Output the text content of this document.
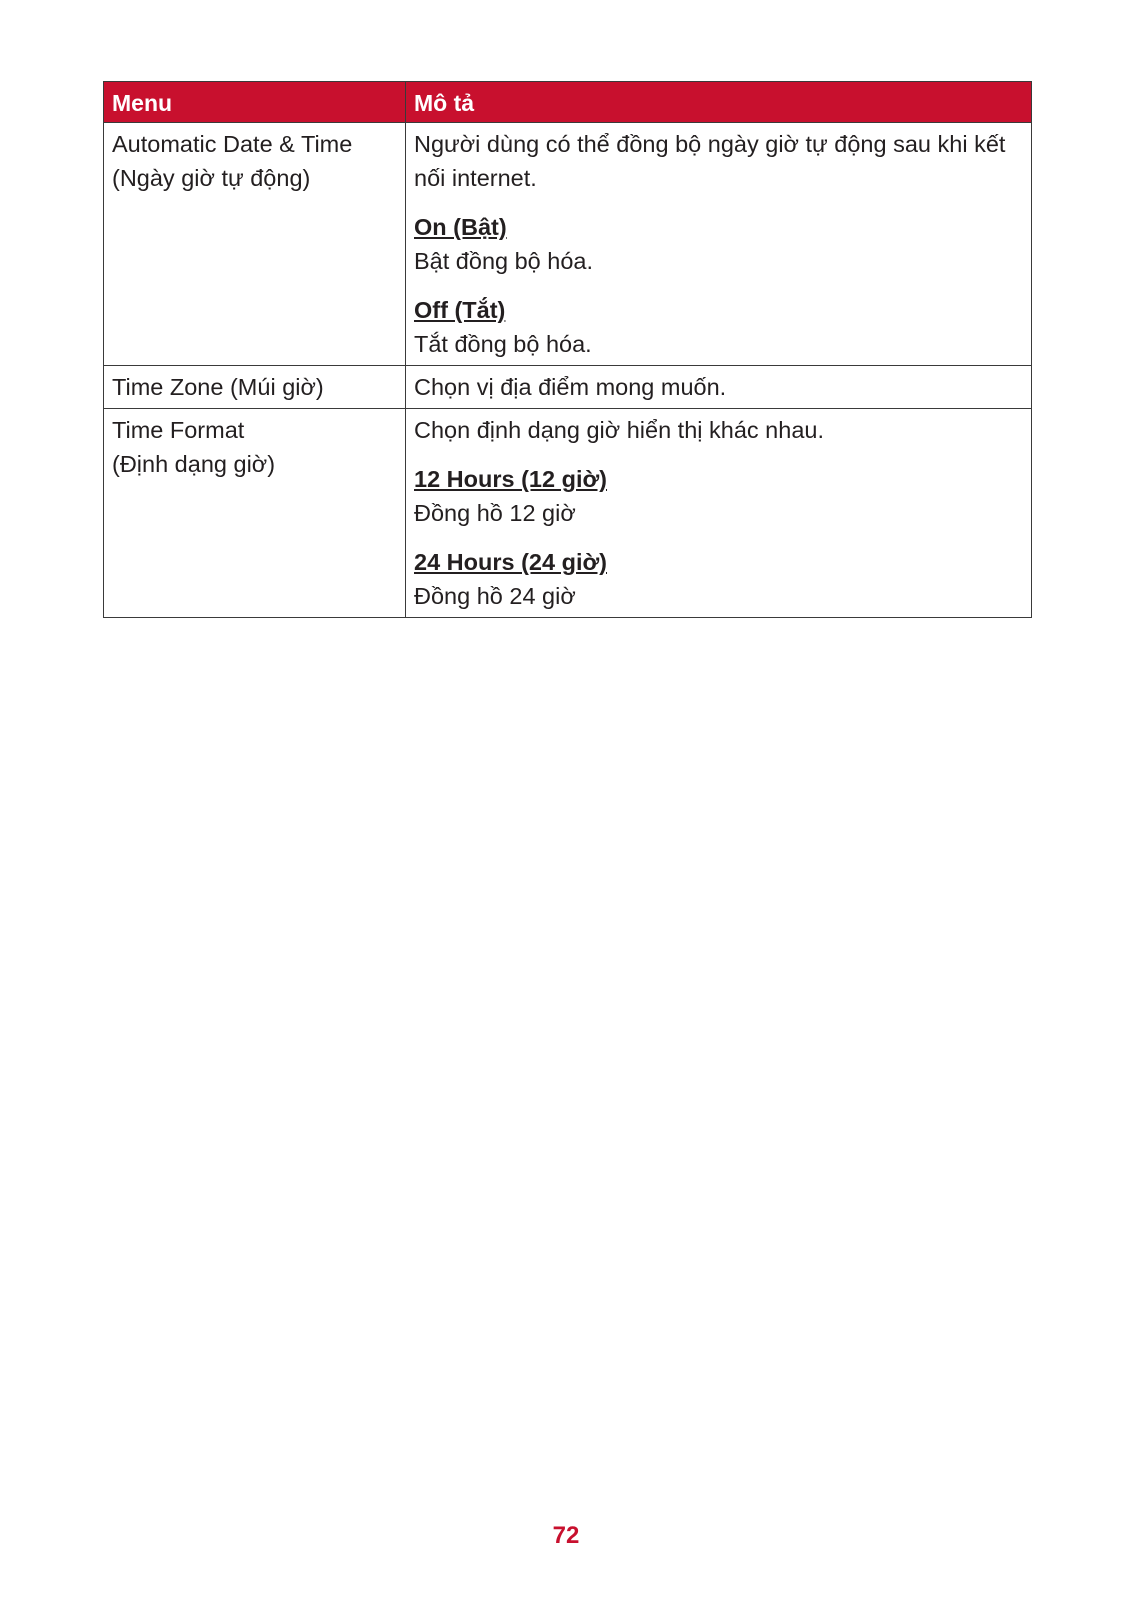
Menu	Mô tả

Automatic Date & Time
(Ngày giờ tự động)	Người dùng có thể đồng bộ ngày giờ tự động sau khi kết nối internet.
On (Bật)
Bật đồng bộ hóa.
Off (Tắt)
Tắt đồng bộ hóa.

Time Zone (Múi giờ)	Chọn vị địa điểm mong muốn.

Time Format
(Định dạng giờ)	Chọn định dạng giờ hiển thị khác nhau.
12 Hours (12 giờ)
Đồng hồ 12 giờ
24 Hours (24 giờ)
Đồng hồ 24 giờ
72
